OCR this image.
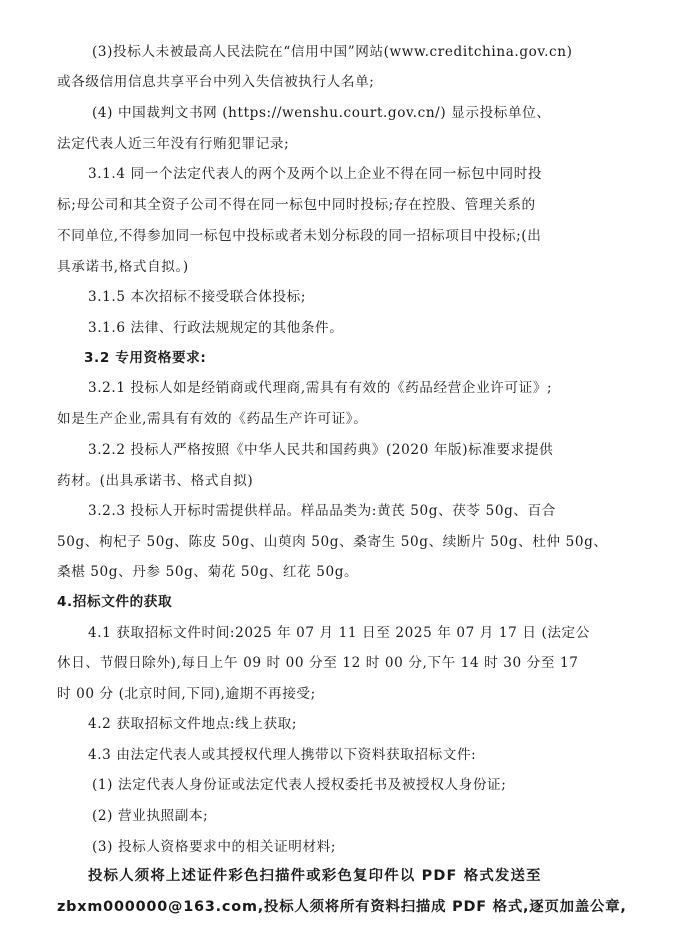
(3)投标人未被最高人民法院在“信用中国”网站(www.creditchina.gov.cn)
或各级信用信息共享平台中列入失信被执行人名单;
(4) 中国裁判文书网 (https://wenshu.court.gov.cn/) 显示投标单位、
法定代表人近三年没有行贿犯罪记录;
3.1.4 同一个法定代表人的两个及两个以上企业不得在同一标包中同时投
标;母公司和其全资子公司不得在同一标包中同时投标;存在控股、管理关系的
不同单位,不得参加同一标包中投标或者未划分标段的同一招标项目中投标;(出
具承诺书,格式自拟。)
3.1.5 本次招标不接受联合体投标;
3.1.6 法律、行政法规规定的其他条件。
3.2 专用资格要求:
3.2.1 投标人如是经销商或代理商,需具有有效的《药品经营企业许可证》;
如是生产企业,需具有有效的《药品生产许可证》。
3.2.2 投标人严格按照《中华人民共和国药典》(2020 年版)标准要求提供
药材。(出具承诺书、格式自拟)
3.2.3 投标人开标时需提供样品。样品品类为:黄芪 50g、茯苓 50g、百合
50g、枸杞子 50g、陈皮 50g、山萸肉 50g、桑寄生 50g、续断片 50g、杜仲 50g、
桑椹 50g、丹参 50g、菊花 50g、红花 50g。
4.招标文件的获取
4.1 获取招标文件时间:2025 年 07 月 11 日至 2025 年 07 月 17 日 (法定公
休日、节假日除外),每日上午 09 时 00 分至 12 时 00 分,下午 14 时 30 分至 17
时 00 分 (北京时间,下同),逾期不再接受;
4.2 获取招标文件地点:线上获取;
4.3 由法定代表人或其授权代理人携带以下资料获取招标文件:
(1) 法定代表人身份证或法定代表人授权委托书及被授权人身份证;
(2) 营业执照副本;
(3) 投标人资格要求中的相关证明材料;
投标人须将上述证件彩色扫描件或彩色复印件以 PDF 格式发送至
zbxm000000@163.com,投标人须将所有资料扫描成 PDF 格式,逐页加盖公章,
